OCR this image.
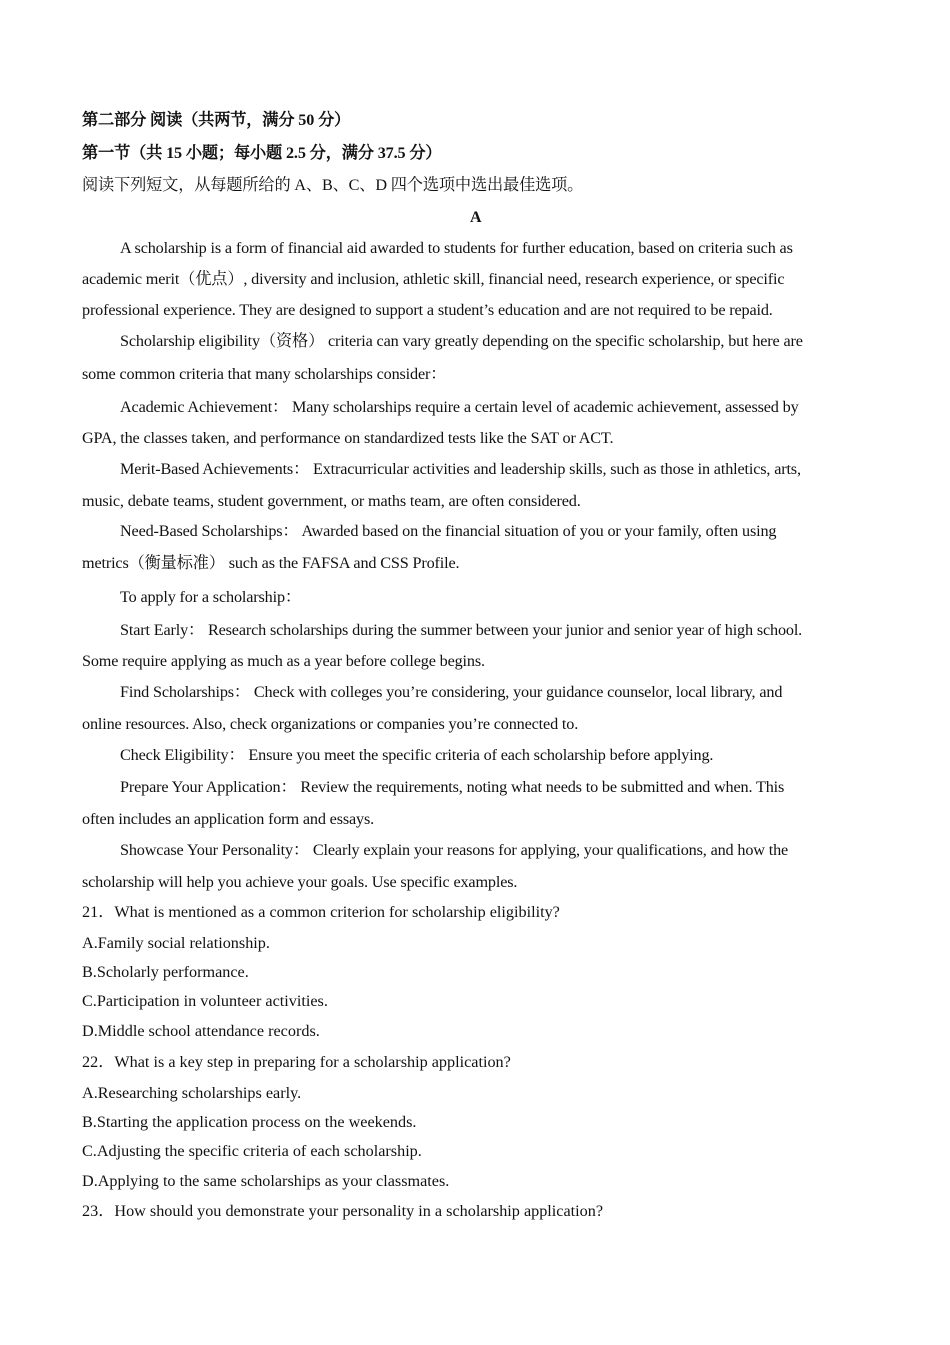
第二部分 阅读（共两节，满分 50 分）
第一节（共 15 小题；每小题 2.5 分，满分 37.5 分）
阅读下列短文，从每题所给的 A、B、C、D 四个选项中选出最佳选项。
A
A scholarship is a form of financial aid awarded to students for further education, based on criteria such as
academic merit（优点）, diversity and inclusion, athletic skill, financial need, research experience, or specific
professional experience. They are designed to support a student’s education and are not required to be repaid.
Scholarship eligibility（资格） criteria can vary greatly depending on the specific scholarship, but here are
some common criteria that many scholarships consider：
Academic Achievement： Many scholarships require a certain level of academic achievement, assessed by
GPA, the classes taken, and performance on standardized tests like the SAT or ACT.
Merit-Based Achievements： Extracurricular activities and leadership skills, such as those in athletics, arts,
music, debate teams, student government, or maths team, are often considered.
Need-Based Scholarships： Awarded based on the financial situation of you or your family, often using
metrics（衡量标准） such as the FAFSA and CSS Profile.
To apply for a scholarship：
Start Early： Research scholarships during the summer between your junior and senior year of high school.
Some require applying as much as a year before college begins.
Find Scholarships： Check with colleges you’re considering, your guidance counselor, local library, and
online resources. Also, check organizations or companies you’re connected to.
Check Eligibility： Ensure you meet the specific criteria of each scholarship before applying.
Prepare Your Application： Review the requirements, noting what needs to be submitted and when. This
often includes an application form and essays.
Showcase Your Personality： Clearly explain your reasons for applying, your qualifications, and how the
scholarship will help you achieve your goals. Use specific examples.
21．What is mentioned as a common criterion for scholarship eligibility?
A.Family social relationship.
B.Scholarly performance.
C.Participation in volunteer activities.
D.Middle school attendance records.
22．What is a key step in preparing for a scholarship application?
A.Researching scholarships early.
B.Starting the application process on the weekends.
C.Adjusting the specific criteria of each scholarship.
D.Applying to the same scholarships as your classmates.
23．How should you demonstrate your personality in a scholarship application?
